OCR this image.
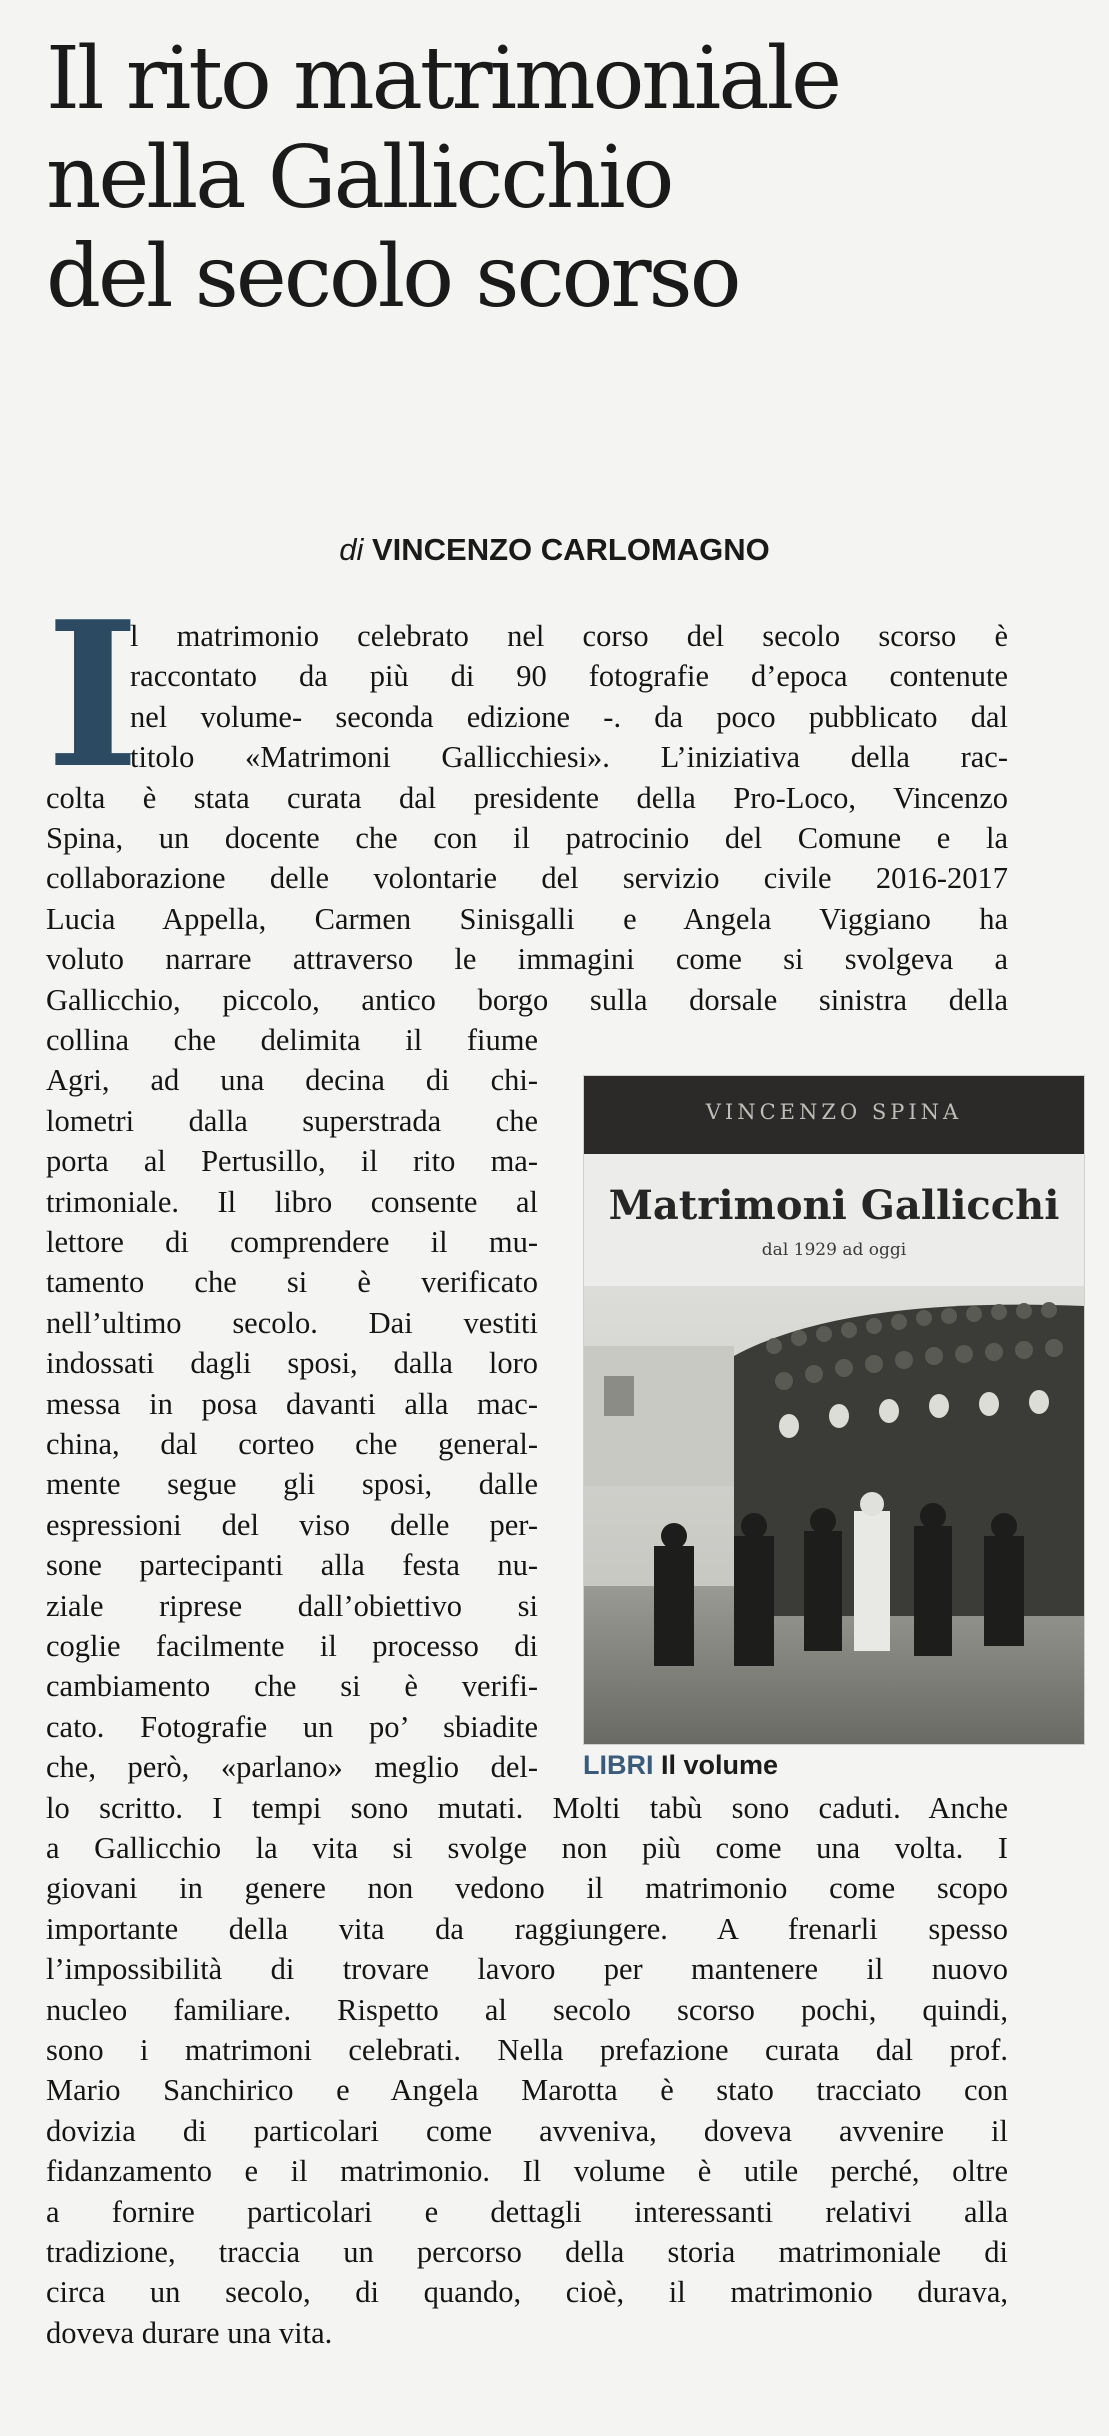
Il rito matrimoniale
nella Gallicchio
del secolo scorso
di VINCENZO CARLOMAGNO
I
l matrimonio celebrato nel corso del secolo scorso è
raccontato da più di 90 fotografie d’epoca contenute
nel volume- seconda edizione -. da poco pubblicato dal
titolo «Matrimoni Gallicchiesi». L’iniziativa della rac-
colta è stata curata dal presidente della Pro-Loco, Vincenzo
Spina, un docente che con il patrocinio del Comune e la
collaborazione delle volontarie del servizio civile 2016-2017
Lucia Appella, Carmen Sinisgalli e Angela Viggiano ha
voluto narrare attraverso le immagini come si svolgeva a
Gallicchio, piccolo, antico borgo sulla dorsale sinistra della
collina che delimita il fiume
Agri, ad una decina di chi-
lometri dalla superstrada che
porta al Pertusillo, il rito ma-
trimoniale. Il libro consente al
lettore di comprendere il mu-
tamento che si è verificato
nell’ultimo secolo. Dai vestiti
indossati dagli sposi, dalla loro
messa in posa davanti alla mac-
china, dal corteo che general-
mente segue gli sposi, dalle
espressioni del viso delle per-
sone partecipanti alla festa nu-
ziale riprese dall’obiettivo si
coglie facilmente il processo di
cambiamento che si è verifi-
cato. Fotografie un po’ sbiadite
che, però, «parlano» meglio del-
lo scritto. I tempi sono mutati. Molti tabù sono caduti. Anche
a Gallicchio la vita si svolge non più come una volta. I
giovani in genere non vedono il matrimonio come scopo
importante della vita da raggiungere. A frenarli spesso
l’impossibilità di trovare lavoro per mantenere il nuovo
nucleo familiare. Rispetto al secolo scorso pochi, quindi,
sono i matrimoni celebrati. Nella prefazione curata dal prof.
Mario Sanchirico e Angela Marotta è stato tracciato con
dovizia di particolari come avveniva, doveva avvenire il
fidanzamento e il matrimonio. Il volume è utile perché, oltre
a fornire particolari e dettagli interessanti relativi alla
tradizione, traccia un percorso della storia matrimoniale di
circa un secolo, di quando, cioè, il matrimonio durava,
doveva durare una vita.
VINCENZO SPINA
Matrimoni Gallicchi
dal 1929 ad oggi
LIBRI Il volume
